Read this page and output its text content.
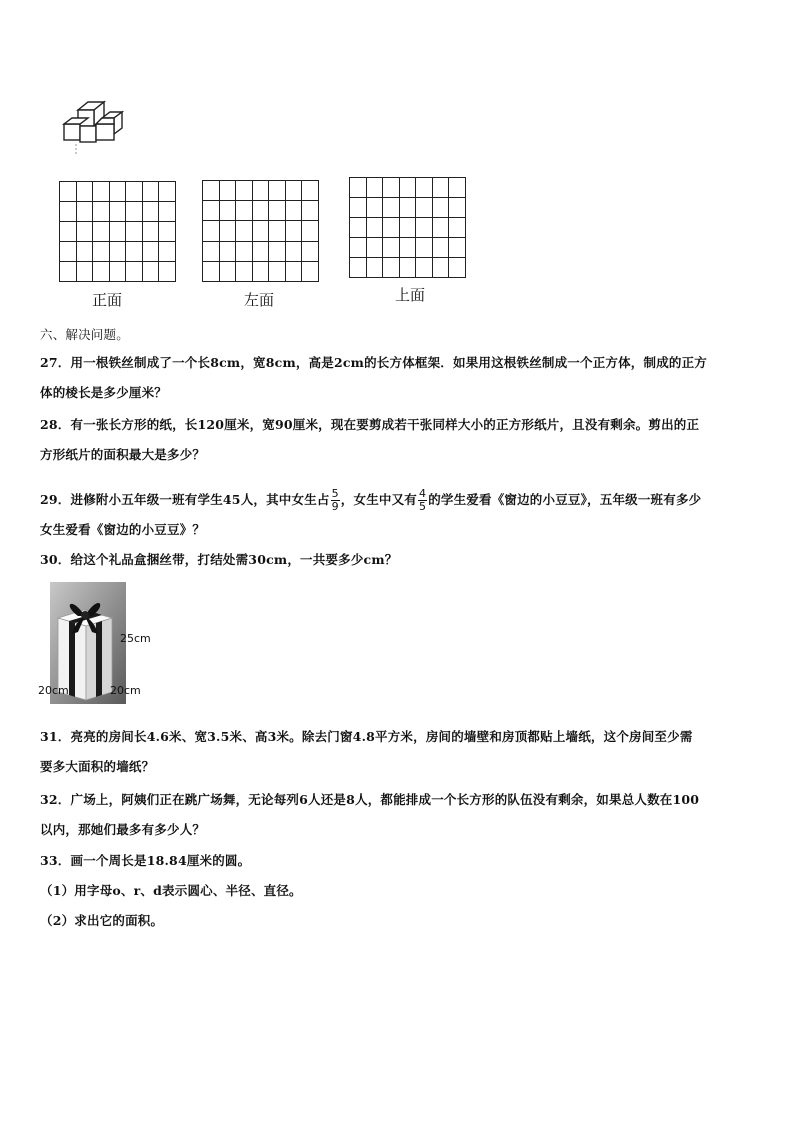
正面	左面	上面
六、解决问题。
27．用一根铁丝制成了一个长8cm，宽8cm，高是2cm的长方体框架．如果用这根铁丝制成一个正方体，制成的正方
体的棱长是多少厘米？
28．有一张长方形的纸，长120厘米，宽90厘米，现在要剪成若干张同样大小的正方形纸片，且没有剩余。剪出的正
方形纸片的面积最大是多少？
29．进修附小五年级一班有学生45人，其中女生占 $\frac{5}{9}$ ，女生中又有 $\frac{4}{5}$ 的学生爱看《窗边的小豆豆》，五年级一班有多少
女生爱看《窗边的小豆豆》？
30．给这个礼品盒捆丝带，打结处需30cm，一共要多少cm？
25cm
20cm	20cm
31．亮亮的房间长4.6米、宽3.5米、高3米。除去门窗4.8平方米，房间的墙壁和房顶都贴上墙纸，这个房间至少需
要多大面积的墙纸？
32．广场上，阿姨们正在跳广场舞，无论每列6人还是8人，都能排成一个长方形的队伍没有剩余，如果总人数在100
以内，那她们最多有多少人？
33．画一个周长是18.84厘米的圆。
（1）用字母o、r、d表示圆心、半径、直径。
（2）求出它的面积。
